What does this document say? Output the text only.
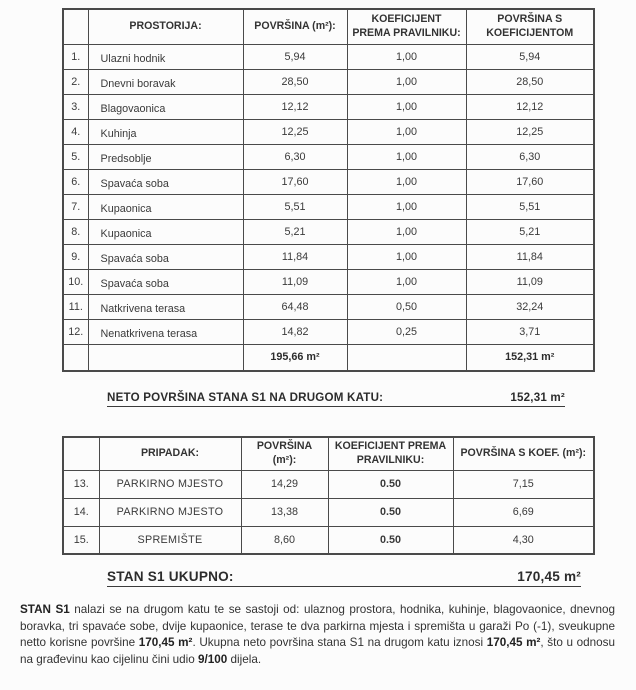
	PROSTORIJA:	POVRŠINA (m²):	KOEFICIJENT PREMA PRAVILNIKU:	POVRŠINA S KOEFICIJENTOM
1.	Ulazni hodnik	5,94	1,00	5,94
2.	Dnevni boravak	28,50	1,00	28,50
3.	Blagovaonica	12,12	1,00	12,12
4.	Kuhinja	12,25	1,00	12,25
5.	Predsoblje	6,30	1,00	6,30
6.	Spavaća soba	17,60	1,00	17,60
7.	Kupaonica	5,51	1,00	5,51
8.	Kupaonica	5,21	1,00	5,21
9.	Spavaća soba	11,84	1,00	11,84
10.	Spavaća soba	11,09	1,00	11,09
11.	Natkrivena terasa	64,48	0,50	32,24
12.	Nenatkrivena terasa	14,82	0,25	3,71
		195,66 m²		152,31 m²
NETO POVRŠINA STANA S1 NA DRUGOM KATU:	152,31 m²
	PRIPADAK:	POVRŠINA (m²):	KOEFICIJENT PREMA PRAVILNIKU:	POVRŠINA S KOEF. (m²):
13.	PARKIRNO MJESTO	14,29	0.50	7,15
14.	PARKIRNO MJESTO	13,38	0.50	6,69
15.	SPREMIŠTE	8,60	0.50	4,30
STAN S1 UKUPNO:	170,45 m²

STAN S1 nalazi se na drugom katu te se sastoji od: ulaznog prostora, hodnika, kuhinje, blagovaonice, dnevnog boravka, tri spavaće sobe, dvije kupaonice, terase te dva parkirna mjesta i spremišta u garaži Po (-1), sveukupne netto korisne površine 170,45 m². Ukupna neto površina stana S1 na drugom katu iznosi 170,45 m², što u odnosu na građevinu kao cijelinu čini udio 9/100 dijela.
